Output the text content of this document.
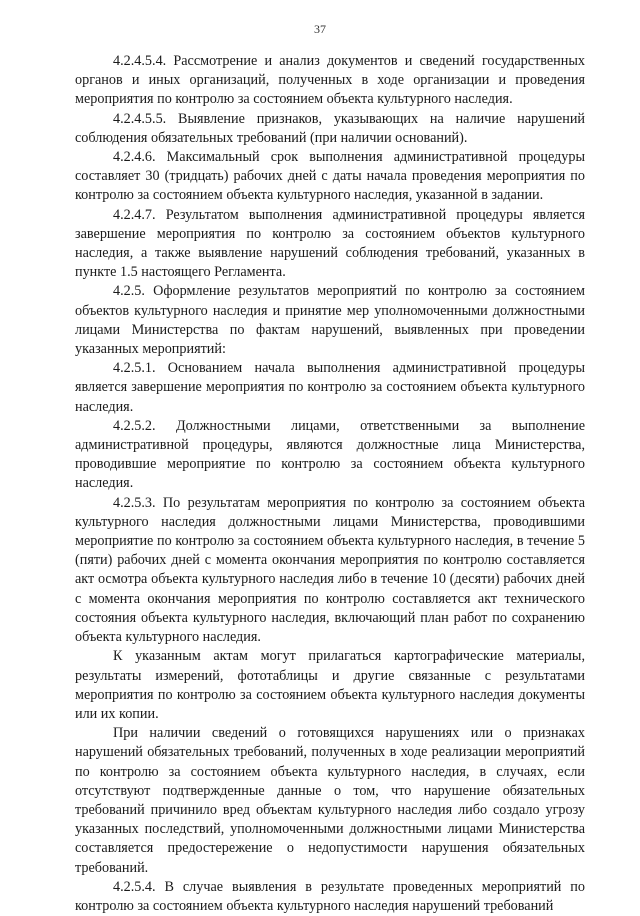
37

4.2.4.5.4. Рассмотрение и анализ документов и сведений государственных органов и иных организаций, полученных в ходе организации и проведения мероприятия по контролю за состоянием объекта культурного наследия.

4.2.4.5.5. Выявление признаков, указывающих на наличие нарушений соблюдения обязательных требований (при наличии оснований).

4.2.4.6. Максимальный срок выполнения административной процедуры составляет 30 (тридцать) рабочих дней с даты начала проведения мероприятия по контролю за состоянием объекта культурного наследия, указанной в задании.

4.2.4.7. Результатом выполнения административной процедуры является завершение мероприятия по контролю за состоянием объектов культурного наследия, а также выявление нарушений соблюдения требований, указанных в пункте 1.5 настоящего Регламента.

4.2.5. Оформление результатов мероприятий по контролю за состоянием объектов культурного наследия и принятие мер уполномоченными должностными лицами Министерства по фактам нарушений, выявленных при проведении указанных мероприятий:

4.2.5.1. Основанием начала выполнения административной процедуры является завершение мероприятия по контролю за состоянием объекта культурного наследия.

4.2.5.2. Должностными лицами, ответственными за выполнение административной процедуры, являются должностные лица Министерства, проводившие мероприятие по контролю за состоянием объекта культурного наследия.

4.2.5.3. По результатам мероприятия по контролю за состоянием объекта культурного наследия должностными лицами Министерства, проводившими мероприятие по контролю за состоянием объекта культурного наследия, в течение 5 (пяти) рабочих дней с момента окончания мероприятия по контролю составляется акт осмотра объекта культурного наследия либо в течение 10 (десяти) рабочих дней с момента окончания мероприятия по контролю составляется акт технического состояния объекта культурного наследия, включающий план работ по сохранению объекта культурного наследия.

К указанным актам могут прилагаться картографические материалы, результаты измерений, фототаблицы и другие связанные с результатами мероприятия по контролю за состоянием объекта культурного наследия документы или их копии.

При наличии сведений о готовящихся нарушениях или о признаках нарушений обязательных требований, полученных в ходе реализации мероприятий по контролю за состоянием объекта культурного наследия, в случаях, если отсутствуют подтвержденные данные о том, что нарушение обязательных требований причинило вред объектам культурного наследия либо создало угрозу указанных последствий, уполномоченными должностными лицами Министерства составляется предостережение о недопустимости нарушения обязательных требований.

4.2.5.4. В случае выявления в результате проведенных мероприятий по контролю за состоянием объекта культурного наследия нарушений требований
